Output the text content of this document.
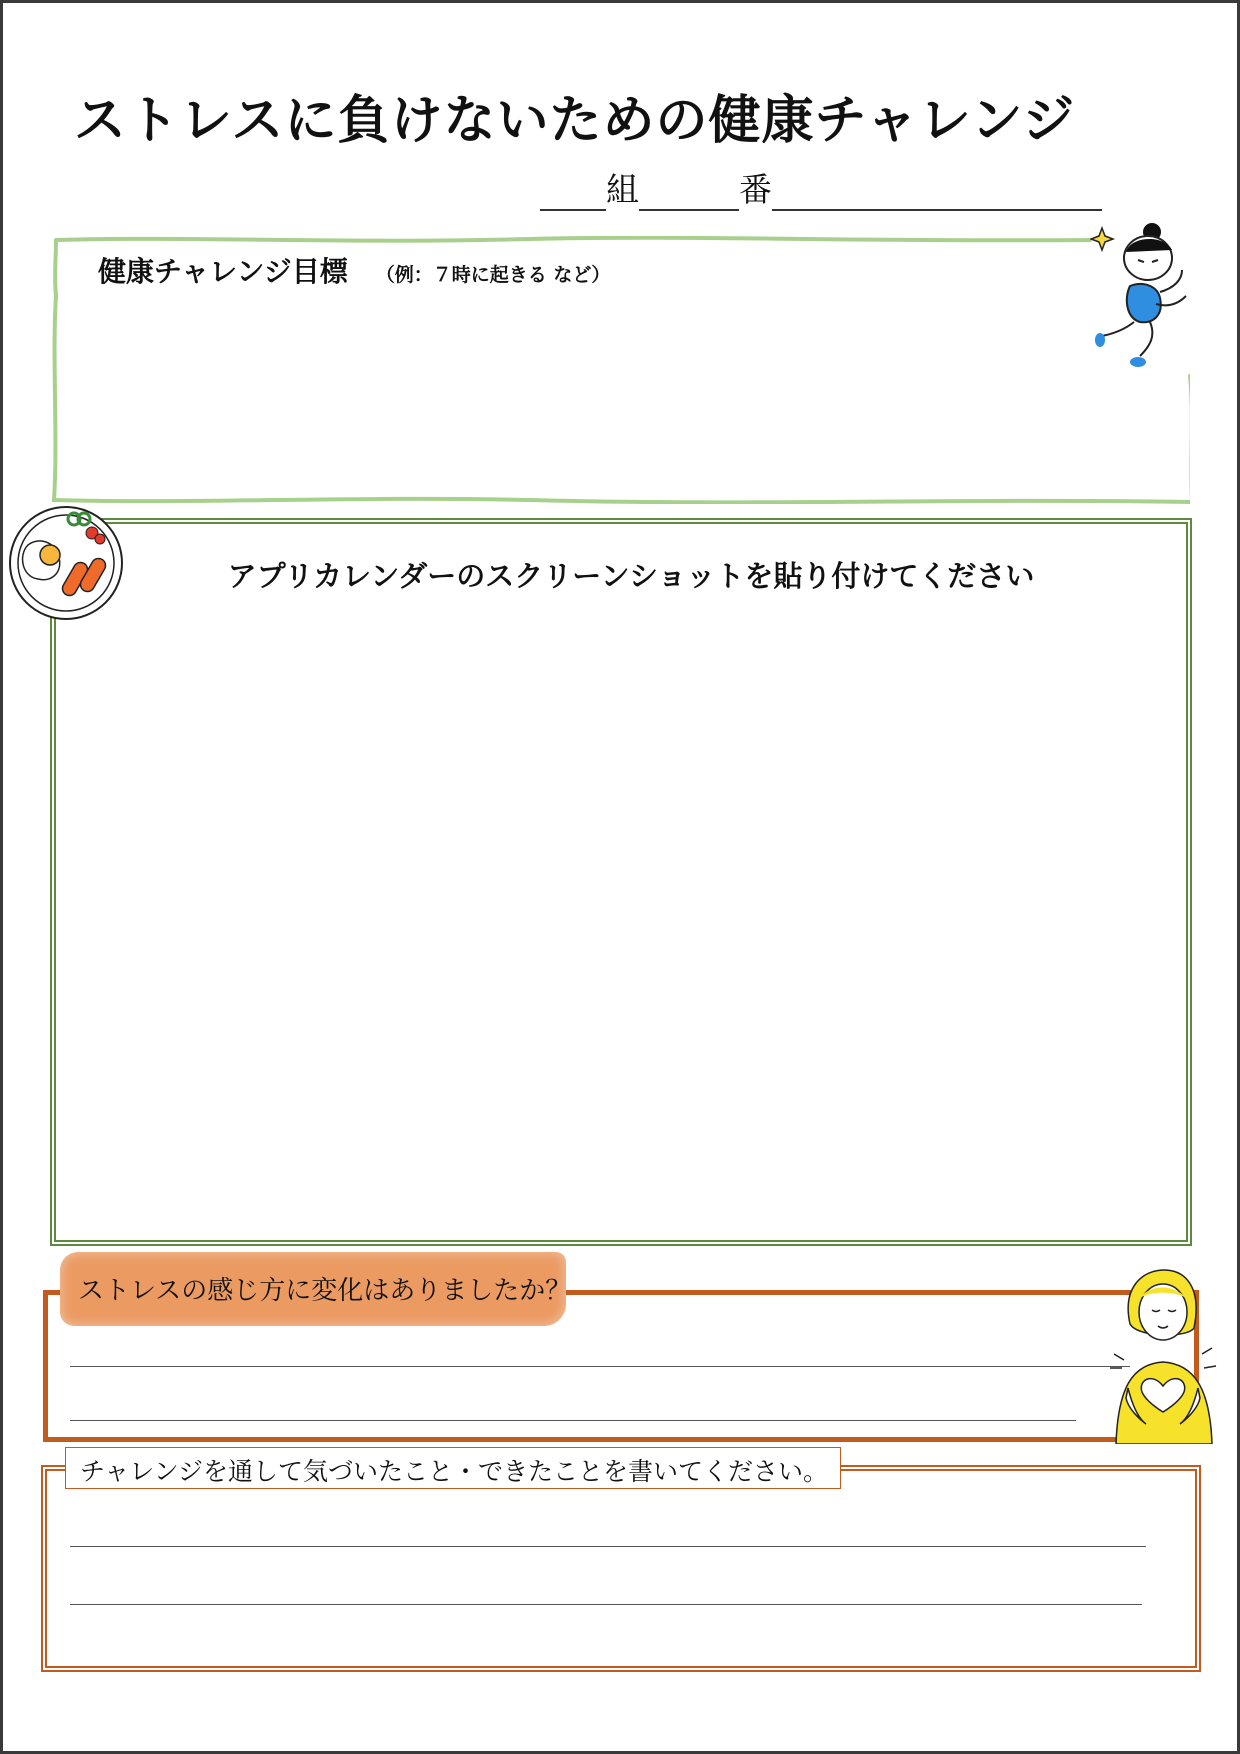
ストレスに負けないための健康チャレンジ
組	番
健康チャレンジ目標 （例：７時に起きる など）
アプリカレンダーのスクリーンショットを貼り付けてください
ストレスの感じ方に変化はありましたか？
チャレンジを通して気づいたこと・できたことを書いてください。
